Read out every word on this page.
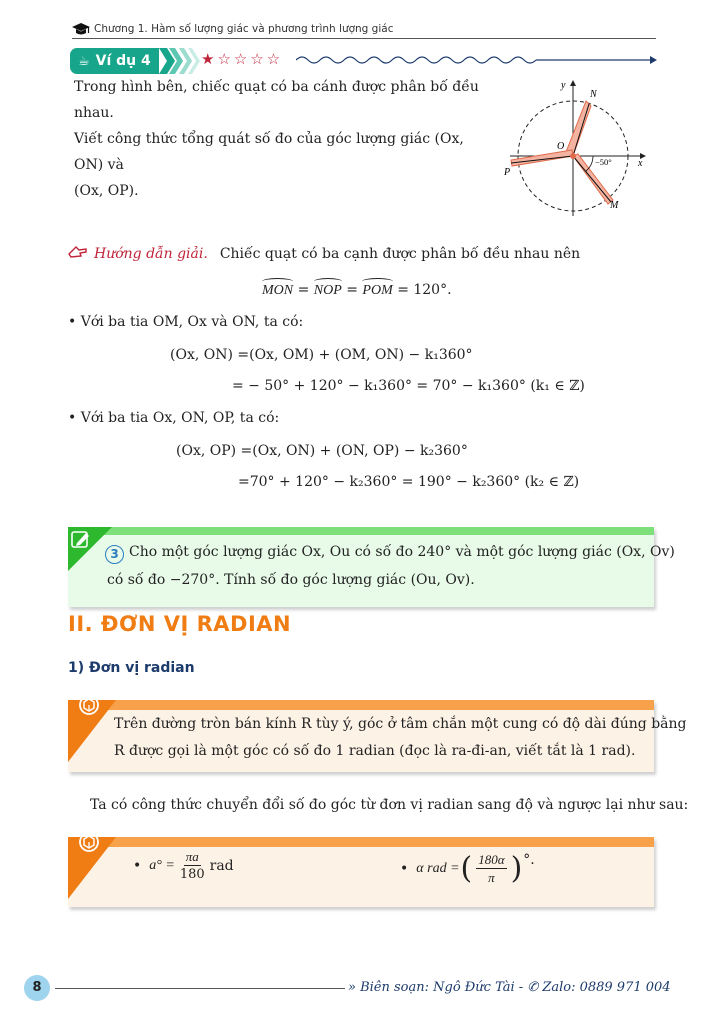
Chương 1. Hàm số lượng giác và phương trình lượng giác
☕ Ví dụ 4	★☆☆☆☆
Trong hình bên, chiếc quạt có ba cánh được phân bố đều nhau.
Viết công thức tổng quát số đo của góc lượng giác (Ox, ON) và
(Ox, OP).
y
x
N
O
P
M
−50°
Hướng dẫn giải. Chiếc quạt có ba cạnh được phân bố đều nhau nên
MON = NOP = POM = 120°.
• Với ba tia OM, Ox và ON, ta có:
(Ox, ON) =(Ox, OM) + (OM, ON) − k₁360°
= − 50° + 120° − k₁360° = 70° − k₁360° (k₁ ∈ ℤ)
• Với ba tia Ox, ON, OP, ta có:
(Ox, OP) =(Ox, ON) + (ON, OP) − k₂360°
=70° + 120° − k₂360° = 190° − k₂360° (k₂ ∈ ℤ)
3 Cho một góc lượng giác Ox, Ou có số đo 240° và một góc lượng giác (Ox, Ov)
có số đo −270°. Tính số đo góc lượng giác (Ou, Ov).
II. ĐƠN VỊ RADIAN
1) Đơn vị radian
Trên đường tròn bán kính R tùy ý, góc ở tâm chắn một cung có độ dài đúng bằng
R được gọi là một góc có số đo 1 radian (đọc là ra-đi-an, viết tắt là 1 rad).
Ta có công thức chuyển đổi số đo góc từ đơn vị radian sang độ và ngược lại như sau:
• $a^\circ = \frac{\pi a}{180}$ rad	• α rad = ( $\frac{180\alpha}{\pi}$ ) °.
8	» Biên soạn: Ngô Đức Tài - ✆ Zalo: 0889 971 004
